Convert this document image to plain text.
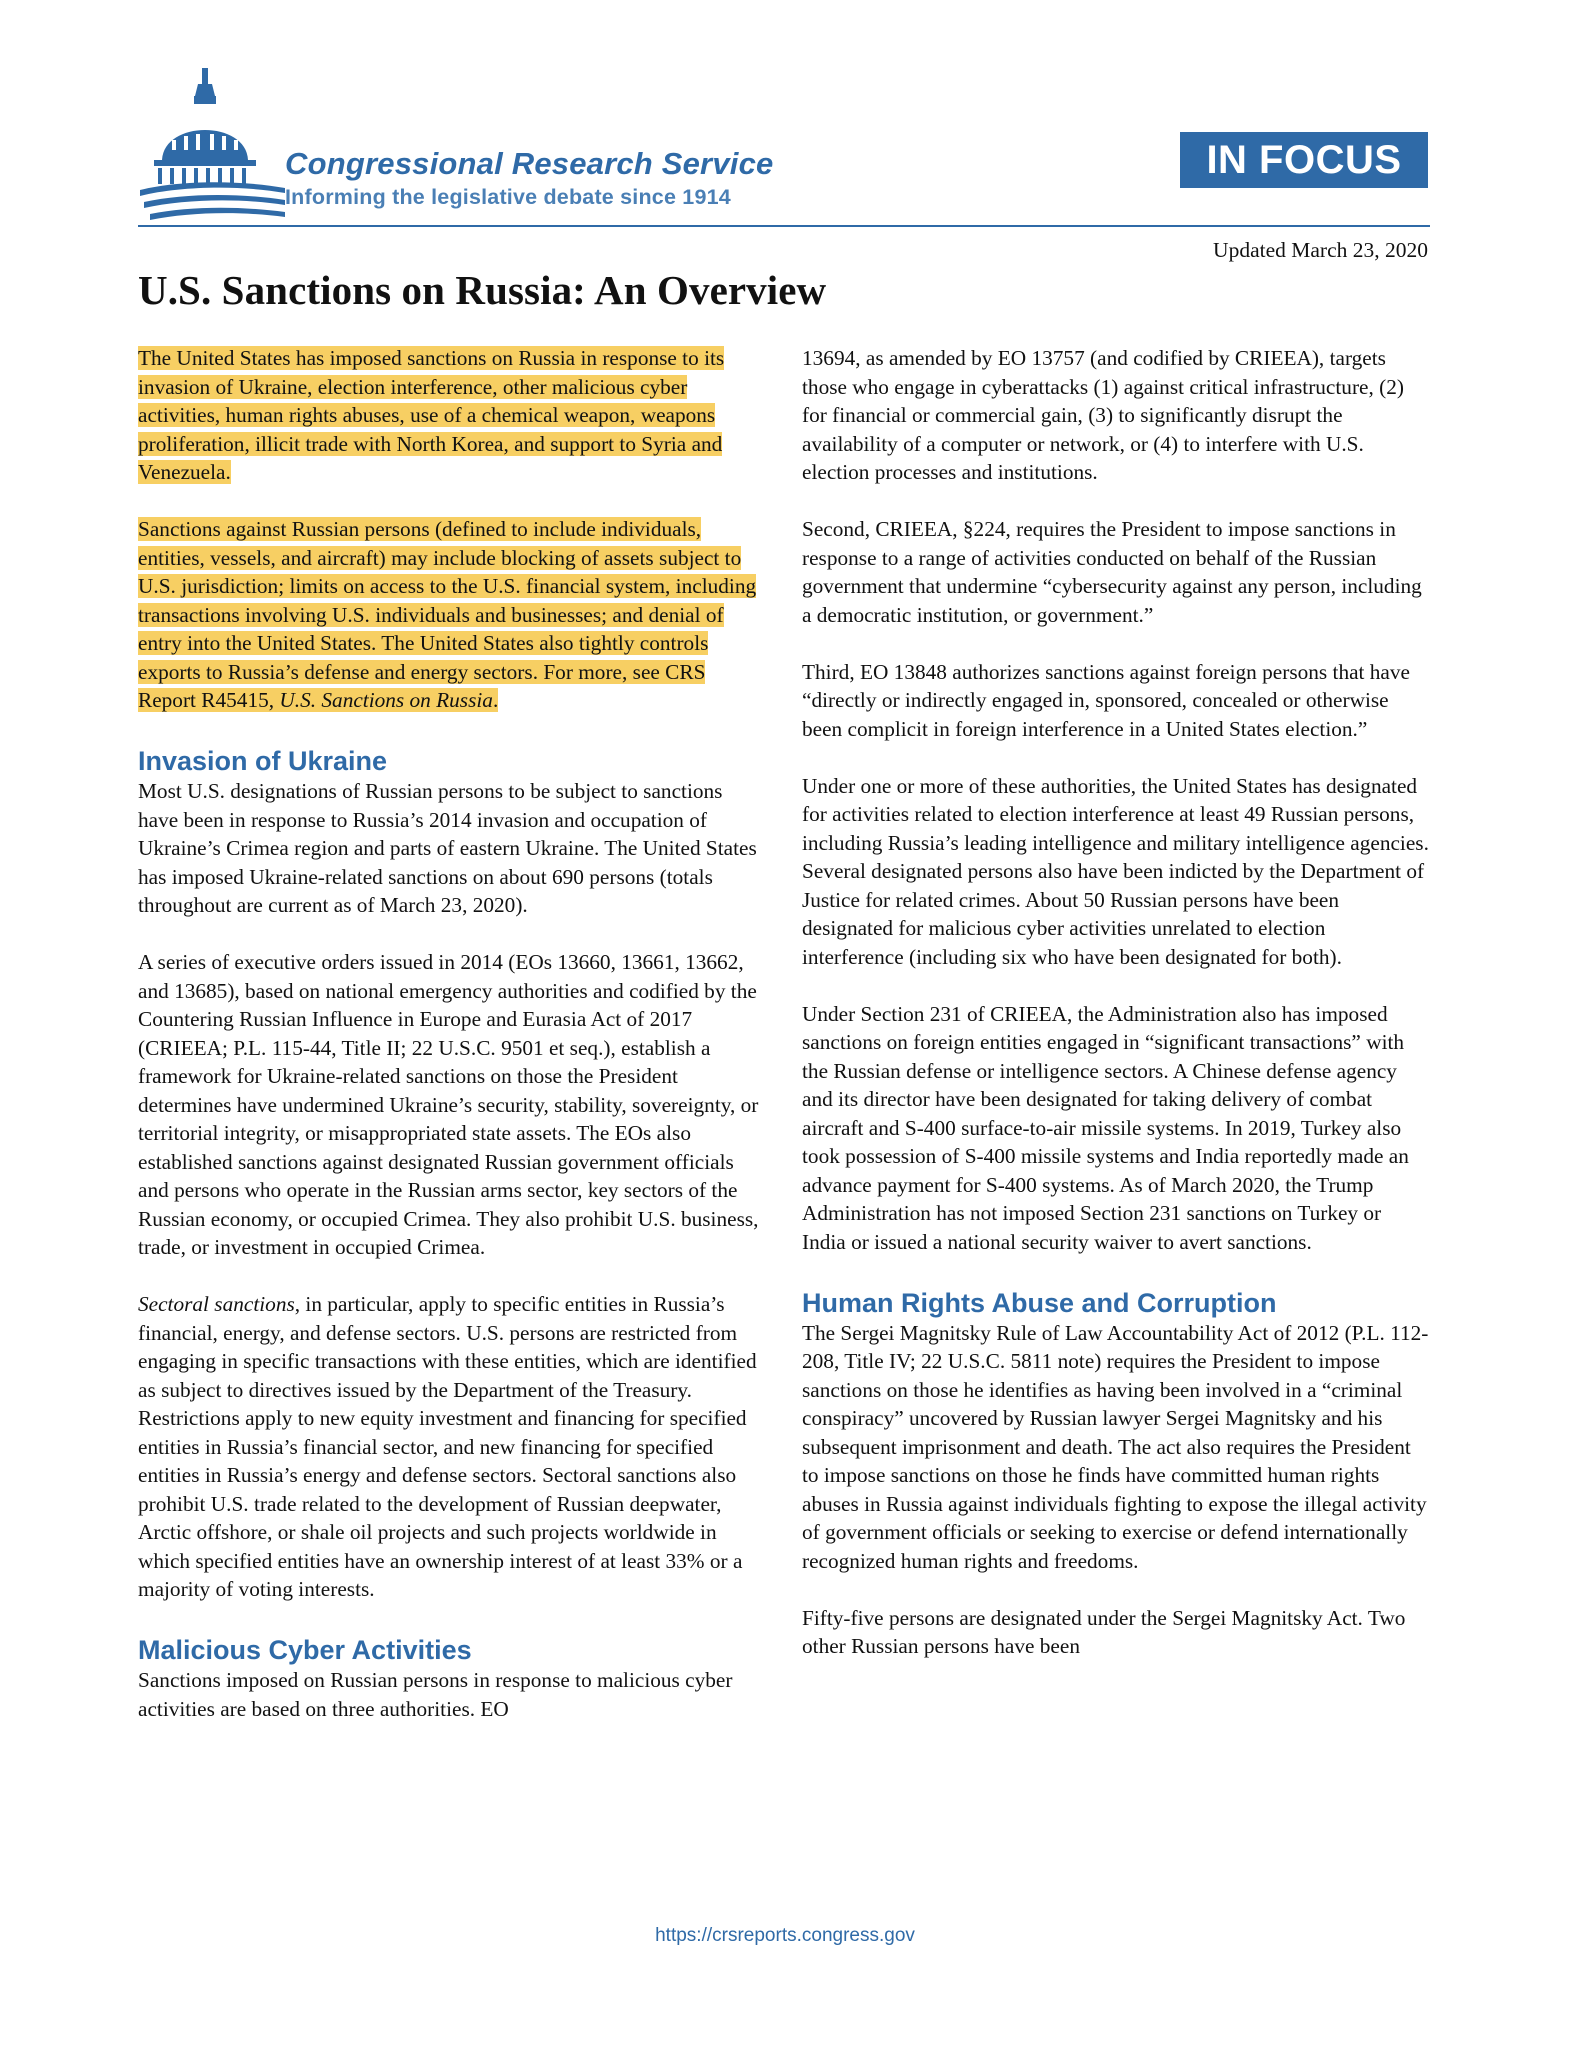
Congressional Research Service
Informing the legislative debate since 1914
IN FOCUS
Updated March 23, 2020
U.S. Sanctions on Russia: An Overview

The United States has imposed sanctions on Russia in response to its invasion of Ukraine, election interference, other malicious cyber activities, human rights abuses, use of a chemical weapon, weapons proliferation, illicit trade with North Korea, and support to Syria and Venezuela.

Sanctions against Russian persons (defined to include individuals, entities, vessels, and aircraft) may include blocking of assets subject to U.S. jurisdiction; limits on access to the U.S. financial system, including transactions involving U.S. individuals and businesses; and denial of entry into the United States. The United States also tightly controls exports to Russia’s defense and energy sectors. For more, see CRS Report R45415, U.S. Sanctions on Russia.

Invasion of Ukraine

Most U.S. designations of Russian persons to be subject to sanctions have been in response to Russia’s 2014 invasion and occupation of Ukraine’s Crimea region and parts of eastern Ukraine. The United States has imposed Ukraine-related sanctions on about 690 persons (totals throughout are current as of March 23, 2020).

A series of executive orders issued in 2014 (EOs 13660, 13661, 13662, and 13685), based on national emergency authorities and codified by the Countering Russian Influence in Europe and Eurasia Act of 2017 (CRIEEA; P.L. 115-44, Title II; 22 U.S.C. 9501 et seq.), establish a framework for Ukraine-related sanctions on those the President determines have undermined Ukraine’s security, stability, sovereignty, or territorial integrity, or misappropriated state assets. The EOs also established sanctions against designated Russian government officials and persons who operate in the Russian arms sector, key sectors of the Russian economy, or occupied Crimea. They also prohibit U.S. business, trade, or investment in occupied Crimea.

Sectoral sanctions, in particular, apply to specific entities in Russia’s financial, energy, and defense sectors. U.S. persons are restricted from engaging in specific transactions with these entities, which are identified as subject to directives issued by the Department of the Treasury. Restrictions apply to new equity investment and financing for specified entities in Russia’s financial sector, and new financing for specified entities in Russia’s energy and defense sectors. Sectoral sanctions also prohibit U.S. trade related to the development of Russian deepwater, Arctic offshore, or shale oil projects and such projects worldwide in which specified entities have an ownership interest of at least 33% or a majority of voting interests.

Malicious Cyber Activities

Sanctions imposed on Russian persons in response to malicious cyber activities are based on three authorities. EO

13694, as amended by EO 13757 (and codified by CRIEEA), targets those who engage in cyberattacks (1) against critical infrastructure, (2) for financial or commercial gain, (3) to significantly disrupt the availability of a computer or network, or (4) to interfere with U.S. election processes and institutions.

Second, CRIEEA, §224, requires the President to impose sanctions in response to a range of activities conducted on behalf of the Russian government that undermine “cybersecurity against any person, including a democratic institution, or government.”

Third, EO 13848 authorizes sanctions against foreign persons that have “directly or indirectly engaged in, sponsored, concealed or otherwise been complicit in foreign interference in a United States election.”

Under one or more of these authorities, the United States has designated for activities related to election interference at least 49 Russian persons, including Russia’s leading intelligence and military intelligence agencies. Several designated persons also have been indicted by the Department of Justice for related crimes. About 50 Russian persons have been designated for malicious cyber activities unrelated to election interference (including six who have been designated for both).

Under Section 231 of CRIEEA, the Administration also has imposed sanctions on foreign entities engaged in “significant transactions” with the Russian defense or intelligence sectors. A Chinese defense agency and its director have been designated for taking delivery of combat aircraft and S-400 surface-to-air missile systems. In 2019, Turkey also took possession of S-400 missile systems and India reportedly made an advance payment for S-400 systems. As of March 2020, the Trump Administration has not imposed Section 231 sanctions on Turkey or India or issued a national security waiver to avert sanctions.

Human Rights Abuse and Corruption

The Sergei Magnitsky Rule of Law Accountability Act of 2012 (P.L. 112-208, Title IV; 22 U.S.C. 5811 note) requires the President to impose sanctions on those he identifies as having been involved in a “criminal conspiracy” uncovered by Russian lawyer Sergei Magnitsky and his subsequent imprisonment and death. The act also requires the President to impose sanctions on those he finds have committed human rights abuses in Russia against individuals fighting to expose the illegal activity of government officials or seeking to exercise or defend internationally recognized human rights and freedoms.

Fifty-five persons are designated under the Sergei Magnitsky Act. Two other Russian persons have been

https://crsreports.congress.gov
